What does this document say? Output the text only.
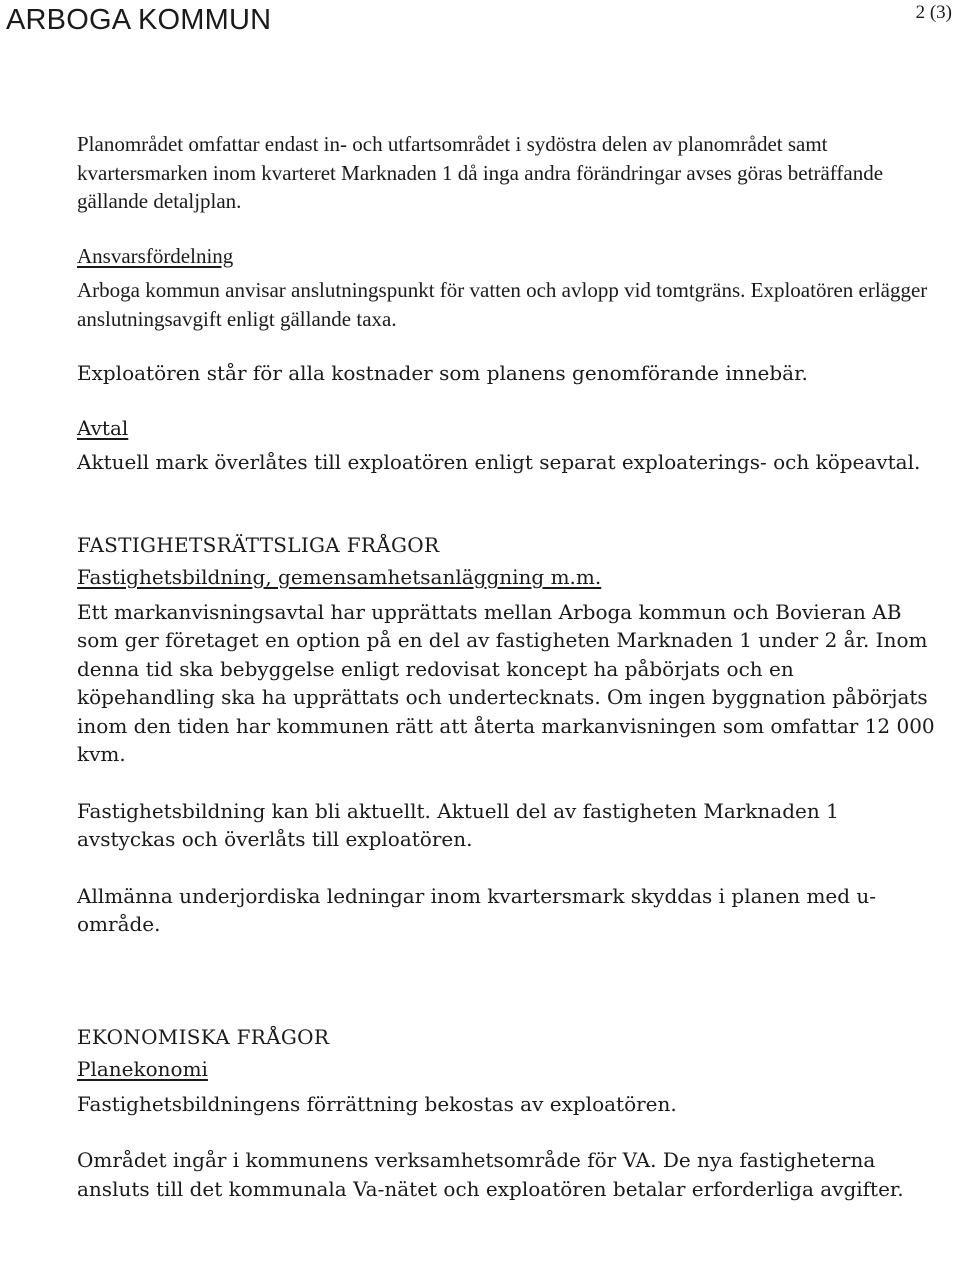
ARBOGA KOMMUN	2 (3)

Planområdet omfattar endast in- och utfartsområdet i sydöstra delen av planområdet samt kvartersmarken inom kvarteret Marknaden 1 då inga andra förändringar avses göras beträffande gällande detaljplan.

Ansvarsfördelning

Arboga kommun anvisar anslutningspunkt för vatten och avlopp vid tomtgräns. Exploatören erlägger anslutningsavgift enligt gällande taxa.

Exploatören står för alla kostnader som planens genomförande innebär.

Avtal

Aktuell mark överlåtes till exploatören enligt separat exploaterings- och köpeavtal.

FASTIGHETSRÄTTSLIGA FRÅGOR

Fastighetsbildning, gemensamhetsanläggning m.m.

Ett markanvisningsavtal har upprättats mellan Arboga kommun och Bovieran AB som ger företaget en option på en del av fastigheten Marknaden 1 under 2 år. Inom denna tid ska bebyggelse enligt redovisat koncept ha påbörjats och en köpehandling ska ha upprättats och undertecknats. Om ingen byggnation påbörjats inom den tiden har kommunen rätt att återta markanvisningen som omfattar 12 000 kvm.

Fastighetsbildning kan bli aktuellt. Aktuell del av fastigheten Marknaden 1 avstyckas och överlåts till exploatören.

Allmänna underjordiska ledningar inom kvartersmark skyddas i planen med u-område.

EKONOMISKA FRÅGOR

Planekonomi

Fastighetsbildningens förrättning bekostas av exploatören.

Området ingår i kommunens verksamhetsområde för VA. De nya fastigheterna ansluts till det kommunala Va-nätet och exploatören betalar erforderliga avgifter.
